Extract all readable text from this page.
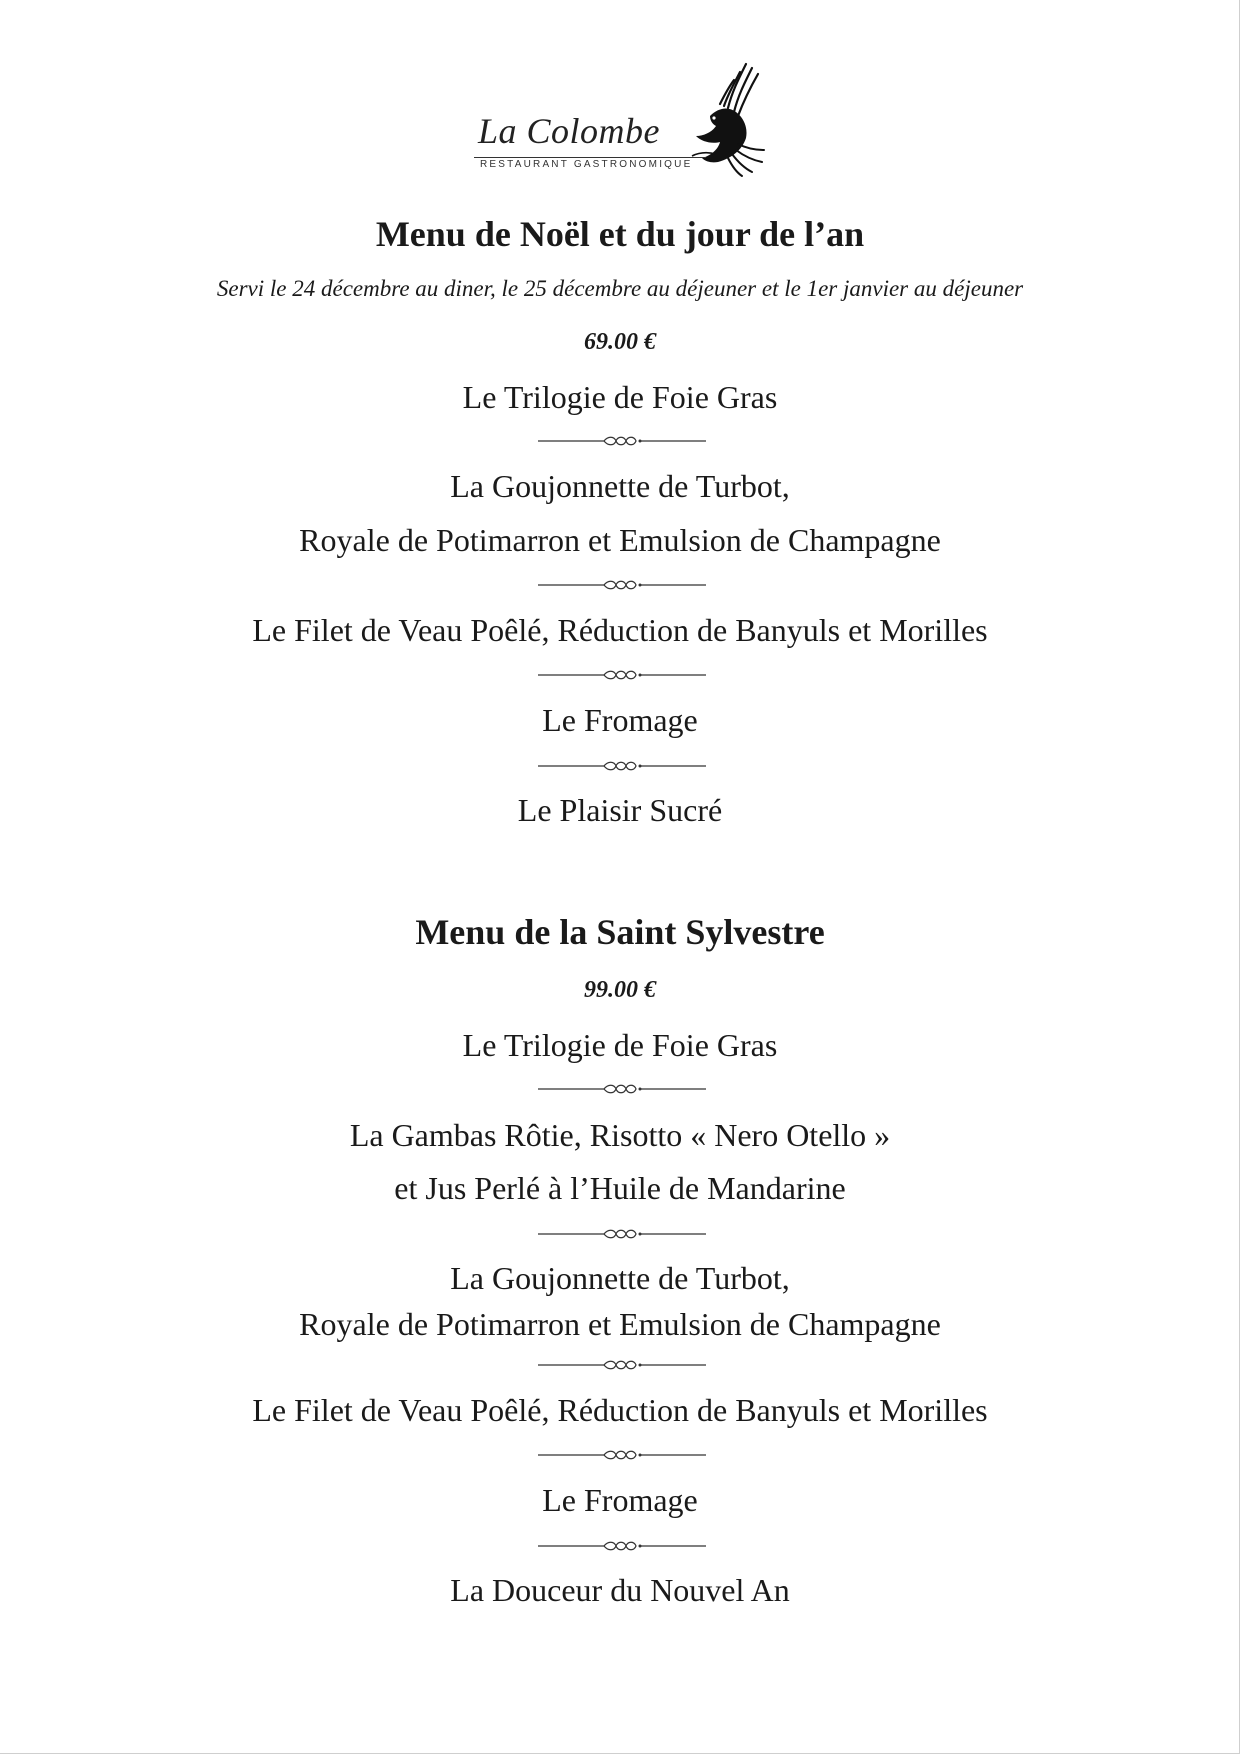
La Colombe
RESTAURANT GASTRONOMIQUE
Menu de Noël et du jour de l’an
Servi le 24 décembre au diner, le 25 décembre au déjeuner et le 1er janvier au déjeuner
69.00 €
Le Trilogie de Foie Gras
La Goujonnette de Turbot,
Royale de Potimarron et Emulsion de Champagne
Le Filet de Veau Poêlé, Réduction de Banyuls et Morilles
Le Fromage
Le Plaisir Sucré
Menu de la Saint Sylvestre
99.00 €
Le Trilogie de Foie Gras
La Gambas Rôtie, Risotto « Nero Otello »
et Jus Perlé à l’Huile de Mandarine
La Goujonnette de Turbot,
Royale de Potimarron et Emulsion de Champagne
Le Filet de Veau Poêlé, Réduction de Banyuls et Morilles
Le Fromage
La Douceur du Nouvel An
